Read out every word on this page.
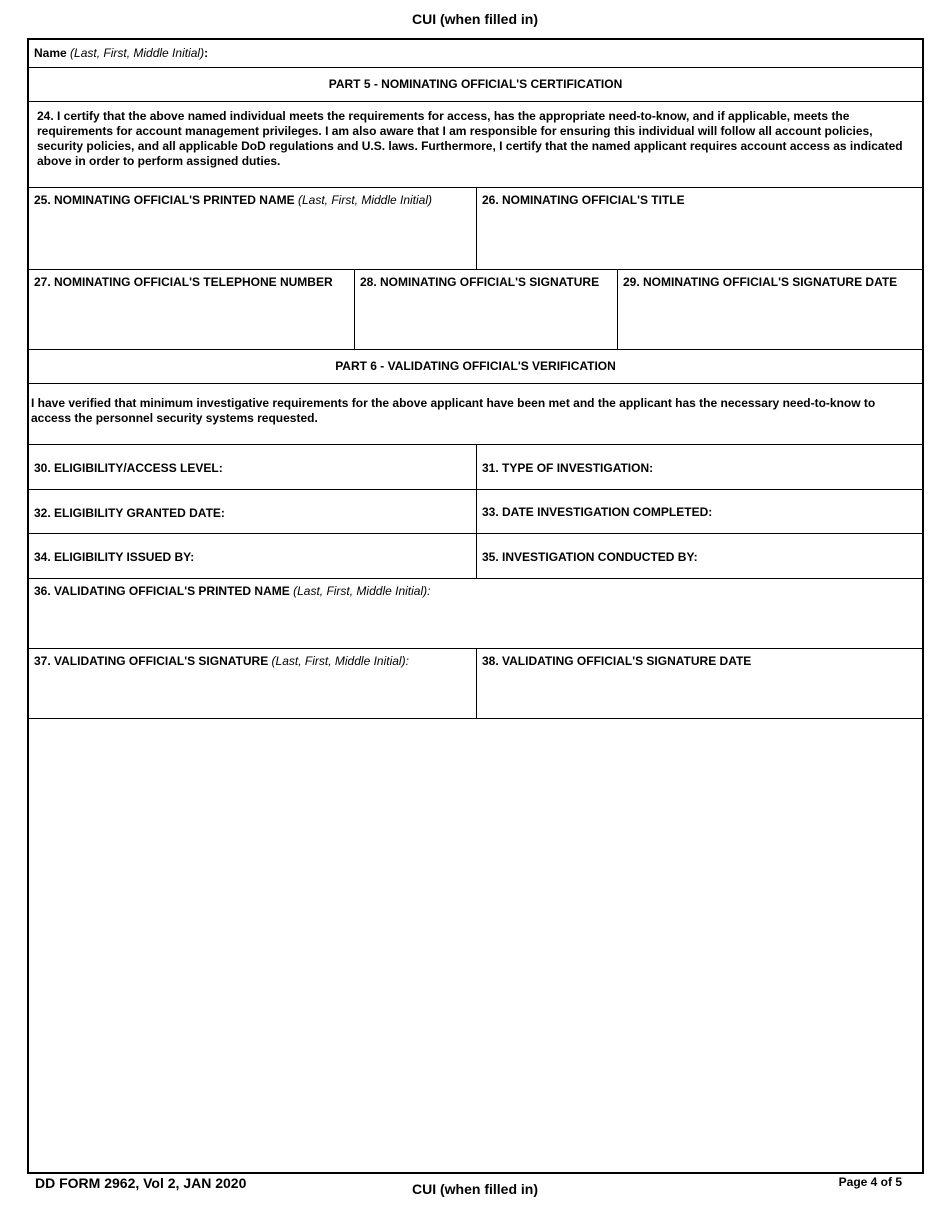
CUI (when filled in)
Name (Last, First, Middle Initial):
PART 5 - NOMINATING OFFICIAL'S CERTIFICATION
24. I certify that the above named individual meets the requirements for access, has the appropriate need-to-know, and if applicable, meets the requirements for account management privileges. I am also aware that I am responsible for ensuring this individual will follow all account policies, security policies, and all applicable DoD regulations and U.S. laws. Furthermore, I certify that the named applicant requires account access as indicated above in order to perform assigned duties.
25. NOMINATING OFFICIAL'S PRINTED NAME (Last, First, Middle Initial)	26. NOMINATING OFFICIAL'S TITLE
27. NOMINATING OFFICIAL'S TELEPHONE NUMBER	28. NOMINATING OFFICIAL'S SIGNATURE	29. NOMINATING OFFICIAL'S SIGNATURE DATE
PART 6 - VALIDATING OFFICIAL'S VERIFICATION
I have verified that minimum investigative requirements for the above applicant have been met and the applicant has the necessary need-to-know to access the personnel security systems requested.
30. ELIGIBILITY/ACCESS LEVEL:	31. TYPE OF INVESTIGATION:
32. ELIGIBILITY GRANTED DATE:	33. DATE INVESTIGATION COMPLETED:
34. ELIGIBILITY ISSUED BY:	35. INVESTIGATION CONDUCTED BY:
36. VALIDATING OFFICIAL'S PRINTED NAME (Last, First, Middle Initial):
37. VALIDATING OFFICIAL'S SIGNATURE (Last, First, Middle Initial):	38. VALIDATING OFFICIAL'S SIGNATURE DATE
DD FORM 2962, Vol 2, JAN 2020	CUI (when filled in)	Page 4 of 5
